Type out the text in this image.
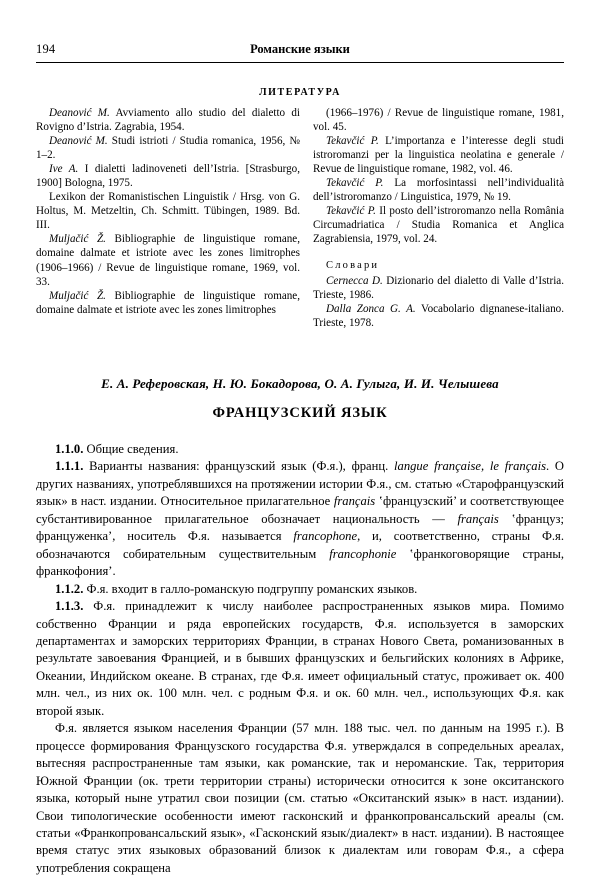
194	Романские языки
ЛИТЕРАТУРА

Deanović M. Avviamento allo studio del dialetto di Rovigno d’Istria. Zagrabia, 1954.

Deanović M. Studi istrioti / Studia romanica, 1956, № 1–2.

Ive A. I dialetti ladinoveneti dell’Istria. [Strasburgo, 1900] Bologna, 1975.

Lexikon der Romanistischen Linguistik / Hrsg. von G. Holtus, M. Metzeltin, Ch. Schmitt. Tübingen, 1989. Bd. III.

Muljačić Ž. Bibliographie de linguistique romane, domaine dalmate et istriote avec les zones limitrophes (1906–1966) / Revue de linguistique romane, 1969, vol. 33.

Muljačić Ž. Bibliographie de linguistique romane, domaine dalmate et istriote avec les zones limitrophes

(1966–1976) / Revue de linguistique romane, 1981, vol. 45.

Tekavčić P. L’importanza e l’interesse degli studi istroromanzi per la linguistica neolatina e generale / Revue de linguistique romane, 1982, vol. 46.

Tekavčić P. La morfosintassi nell’individualità dell’istroromanzo / Linguistica, 1979, № 19.

Tekavčić P. Il posto dell’istroromanzo nella România Circumadriatica / Studia Romanica et Anglica Zagrabiensia, 1979, vol. 24.

Словари

Cernecca D. Dizionario del dialetto di Valle d’Istria. Trieste, 1986.

Dalla Zonca G. A. Vocabolario dignanese-italiano. Trieste, 1978.

Е. А. Реферовская, Н. Ю. Бокадорова, О. А. Гулыга, И. И. Челышева
ФРАНЦУЗСКИЙ ЯЗЫК

1.1.0. Общие сведения.

1.1.1. Варианты названия: французский язык (Ф.я.), франц. langue française, le français. О других названиях, употреблявшихся на протяжении истории Ф.я., см. статью «Старофранцузский язык» в наст. издании. Относительное прилагательное français ‛французский’ и соответствующее субстантивированное прилагательное обозначает национальность — français ‛француз; француженка’, носитель Ф.я. называется francophone, и, соответственно, страны Ф.я. обозначаются собирательным существительным francophonie ‛франкоговорящие страны, франкофония’.

1.1.2. Ф.я. входит в галло-романскую подгруппу романских языков.

1.1.3. Ф.я. принадлежит к числу наиболее распространенных языков мира. Помимо собственно Франции и ряда европейских государств, Ф.я. используется в заморских департаментах и заморских территориях Франции, в странах Нового Света, романизованных в результате завоевания Францией, и в бывших французских и бельгийских колониях в Африке, Океании, Индийском океане. В странах, где Ф.я. имеет официальный статус, проживает ок. 400 млн. чел., из них ок. 100 млн. чел. с родным Ф.я. и ок. 60 млн. чел., использующих Ф.я. как второй язык.

Ф.я. является языком населения Франции (57 млн. 188 тыс. чел. по данным на 1995 г.). В процессе формирования Французского государства Ф.я. утверждался в сопредельных ареалах, вытесняя распространенные там языки, как романские, так и нероманские. Так, территория Южной Франции (ок. трети территории страны) исторически относится к зоне окситанского языка, который ныне утратил свои позиции (см. статью «Окситанский язык» в наст. издании). Свои типологические особенности имеют гасконский и франкопровансальский ареалы (см. статьи «Франкопровансальский язык», «Гасконский язык/диалект» в наст. издании). В настоящее время статус этих языковых образований близок к диалектам или говорам Ф.я., а сфера употребления сокращена
